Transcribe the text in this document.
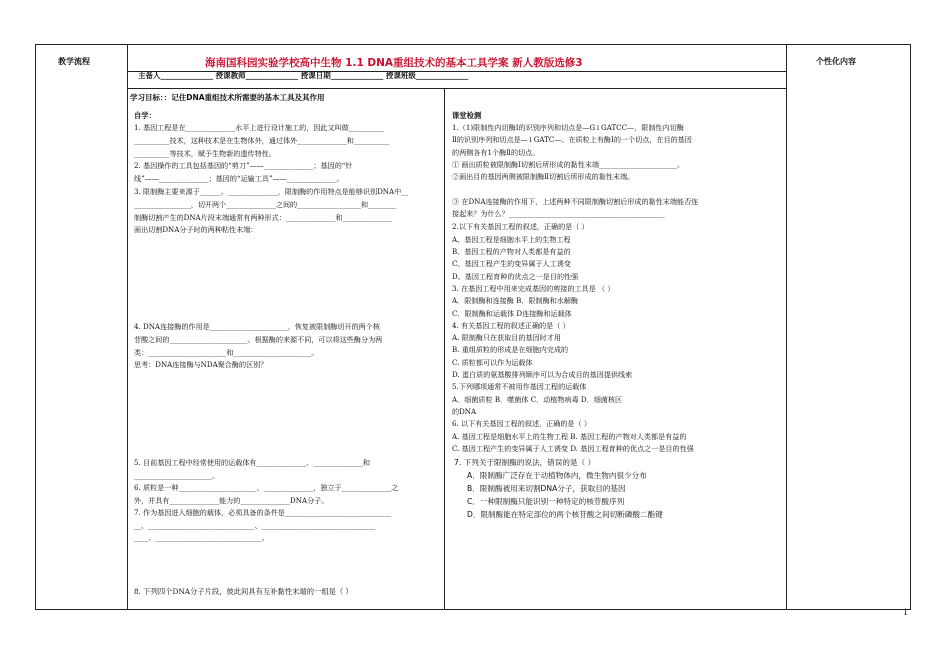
教学流程	个性化内容
海南国科园实验学校高中生物 1.1 DNA重组技术的基本工具学案 新人教版选修3
主备人______________ 授课教师______________ 授课日期______________ 授课班级______________
学习目标：：记住DNA重组技术所需要的基本工具及其作用
自学：
1. 基因工程是在______________水平上进行设计施工的，因此又叫做__________
__________技术，这种技术是在生物体外，通过体外______________和__________
__________等技术，赋予生物新的遗传特性。
2. 基因操作的工具包括基因的“剪刀”——______________；基因的“针
线”——______________；基因的“运输工具”——______________。
3. 限制酶主要来源于______。______________，限制酶的作用特点是能够识别DNA中__
________________，切开两个______________之间的__________________和________
制酶切割产生的DNA片段末端通常有两种形式：______________和______________
画出切割DNA分子时的两种粘性末端：
4. DNA连接酶的作用是______________________，恢复被限制酶切开的两个核
苷酸之间的______________________。根据酶的来源不同，可以将这些酶分为两
类：______________________和______________________。
思考：DNA连接酶与NDA聚合酶的区别？
5. 目前基因工程中经常使用的运载体有______________、______________和
______________________。
6. 质粒是一种______________________、______________，独立于______________之
外，并具有______________能力的______________DNA分子。
7. 作为基因进入细胞的载体，必须具备的条件是______________________________
__、______________________________、________________________________
____、______________________________。
8. 下列四个DNA分子片段，彼此间具有互补黏性末端的一组是（ ）
课堂检测
1.（1)限制性内切酶Ⅰ的识别序列和切点是—G↓GATCC—，限制性内切酶
Ⅱ的识别序列和切点是—↓GATC—。在质粒上有酶Ⅰ的一个切点，在目的基因
的两侧各有1个酶Ⅱ的切点。
① 画出质粒被限制酶Ⅰ切割后所形成的黏性末端______________________。
②画出目的基因两侧被限制酶Ⅱ切割后所形成的黏性末端。
③ 在DNA连接酶的作用下，上述两种不同限制酶切割后形成的黏性末端能否连
接起来？为什么？____________________________________________
2.以下有关基因工程的叙述，正确的是（ ）
A、基因工程是细胞水平上的生物工程
B、基因工程的产物对人类都是有益的
C、基因工程产生的变异属于人工诱变
D、基因工程育种的优点之一是目的性强
3. 在基因工程中用来完成基因的剪接的工具是 （ ）
A．限制酶和连接酶 B．限制酶和水解酶
C．限制酶和运载体 D连接酶和运载体
4. 有关基因工程的叙述正确的是（ ）
A. 限制酶只在获取目的基因时才用
B. 重组质粒的形成是在细胞内完成的
C. 质粒都可以作为运载体
D. 蛋白质的氨基酸排列顺序可以为合成目的基因提供线索
5.下列哪项通常不被用作基因工程的运载体
A．细菌质粒 B．噬菌体 C．动植物病毒 D．细菌核区
的DNA
6. 以下有关基因工程的叙述，正确的是（ ）
A. 基因工程是细胞水平上的生物工程 B. 基因工程的产物对人类都是有益的
C. 基因工程产生的变异属于人工诱变 D. 基因工程育种的优点之一是目的性强
7. 下列关于限制酶的说法，错误的是（ ）
A．限制酶广泛存在于动植物体内，微生物内很少分布
B．限制酶被用来切割DNA分子，获取目的基因
C．一种限制酶只能识别一种特定的核苷酸序列
D．限制酶能在特定部位的两个核苷酸之间切断磷酸二酯键
1
